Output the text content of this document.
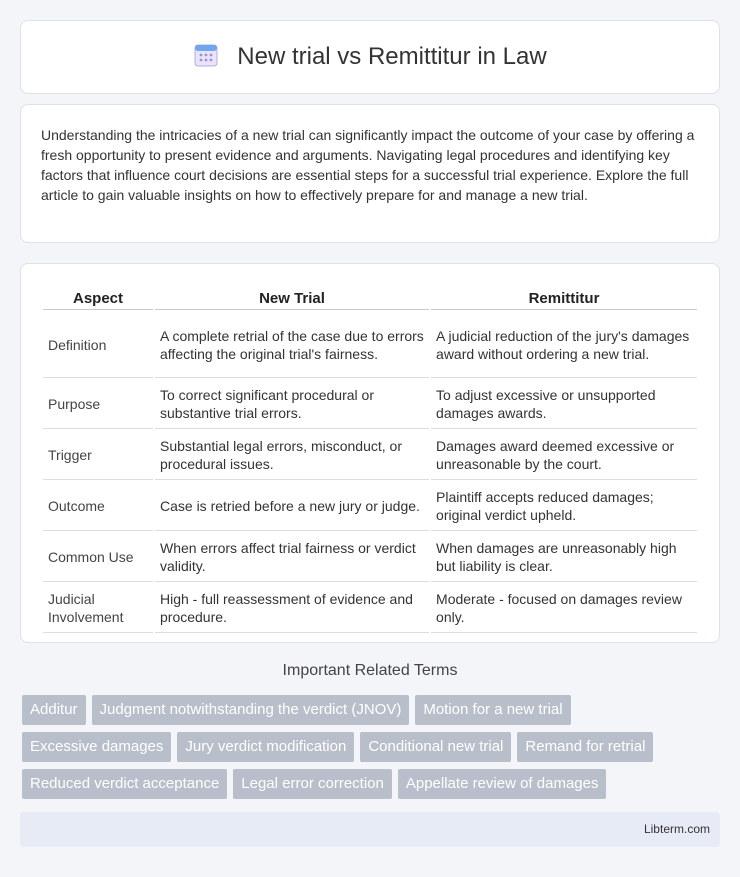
New trial vs Remittitur in Law

Understanding the intricacies of a new trial can significantly impact the outcome of your case by offering a fresh opportunity to present evidence and arguments. Navigating legal procedures and identifying key factors that influence court decisions are essential steps for a successful trial experience. Explore the full article to gain valuable insights on how to effectively prepare for and manage a new trial.

Aspect	New Trial	Remittitur
Definition	A complete retrial of the case due to errors affecting the original trial's fairness.	A judicial reduction of the jury's damages award without ordering a new trial.
Purpose	To correct significant procedural or substantive trial errors.	To adjust excessive or unsupported damages awards.
Trigger	Substantial legal errors, misconduct, or procedural issues.	Damages award deemed excessive or unreasonable by the court.
Outcome	Case is retried before a new jury or judge.	Plaintiff accepts reduced damages; original verdict upheld.
Common Use	When errors affect trial fairness or verdict validity.	When damages are unreasonably high but liability is clear.
Judicial Involvement	High - full reassessment of evidence and procedure.	Moderate - focused on damages review only.
Important Related Terms
Additur	Judgment notwithstanding the verdict (JNOV)	Motion for a new trial
Excessive damages	Jury verdict modification	Conditional new trial	Remand for retrial
Reduced verdict acceptance	Legal error correction	Appellate review of damages
Libterm.com
